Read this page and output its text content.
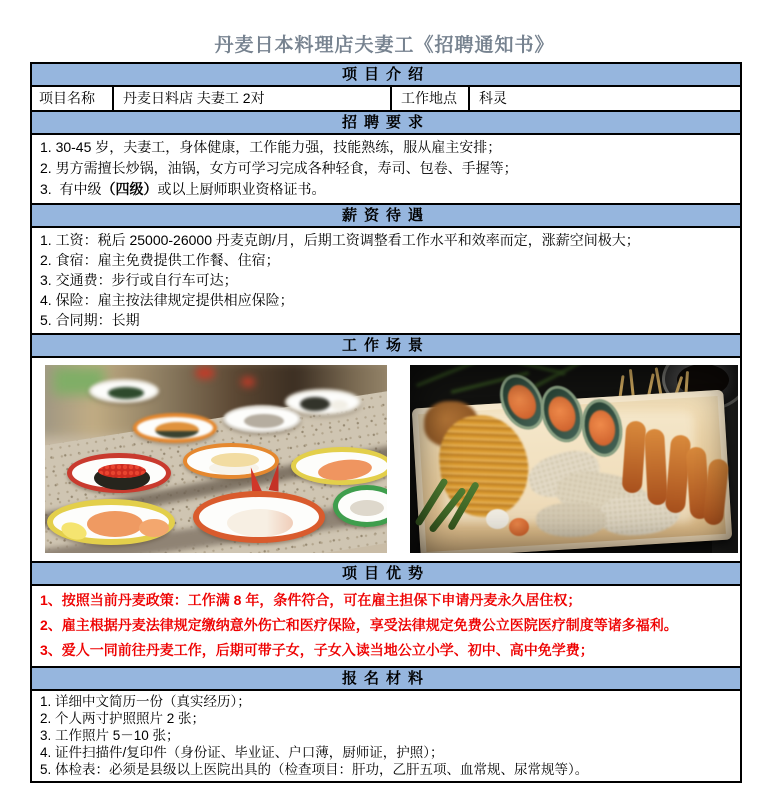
丹麦日本料理店夫妻工《招聘通知书》
项目介绍
项目名称	丹麦日料店 夫妻工 2对	工作地点	科灵
招聘要求
1. 30-45 岁，夫妻工，身体健康，工作能力强，技能熟练，服从雇主安排；
2. 男方需擅长炒锅，油锅，女方可学习完成各种轻食，寿司、包卷、手握等；
3.  有中级（四级）或以上厨师职业资格证书。
薪资待遇
1. 工资：税后 25000-26000 丹麦克朗/月，后期工资调整看工作水平和效率而定，涨薪空间极大；
2. 食宿：雇主免费提供工作餐、住宿；
3. 交通费：步行或自行车可达；
4. 保险：雇主按法律规定提供相应保险；
5. 合同期：长期
工作场景
项目优势
1、按照当前丹麦政策：工作满 8 年，条件符合，可在雇主担保下申请丹麦永久居住权；
2、雇主根据丹麦法律规定缴纳意外伤亡和医疗保险，享受法律规定免费公立医院医疗制度等诸多福利。
3、爱人一同前往丹麦工作，后期可带子女，子女入读当地公立小学、初中、高中免学费；
报名材料
1. 详细中文简历一份（真实经历）；
2. 个人两寸护照照片 2 张；
3. 工作照片 5－10 张；
4. 证件扫描件/复印件（身份证、毕业证、户口薄，厨师证，护照）；
5. 体检表：必须是县级以上医院出具的（检查项目：肝功，乙肝五项、血常规、尿常规等）。
